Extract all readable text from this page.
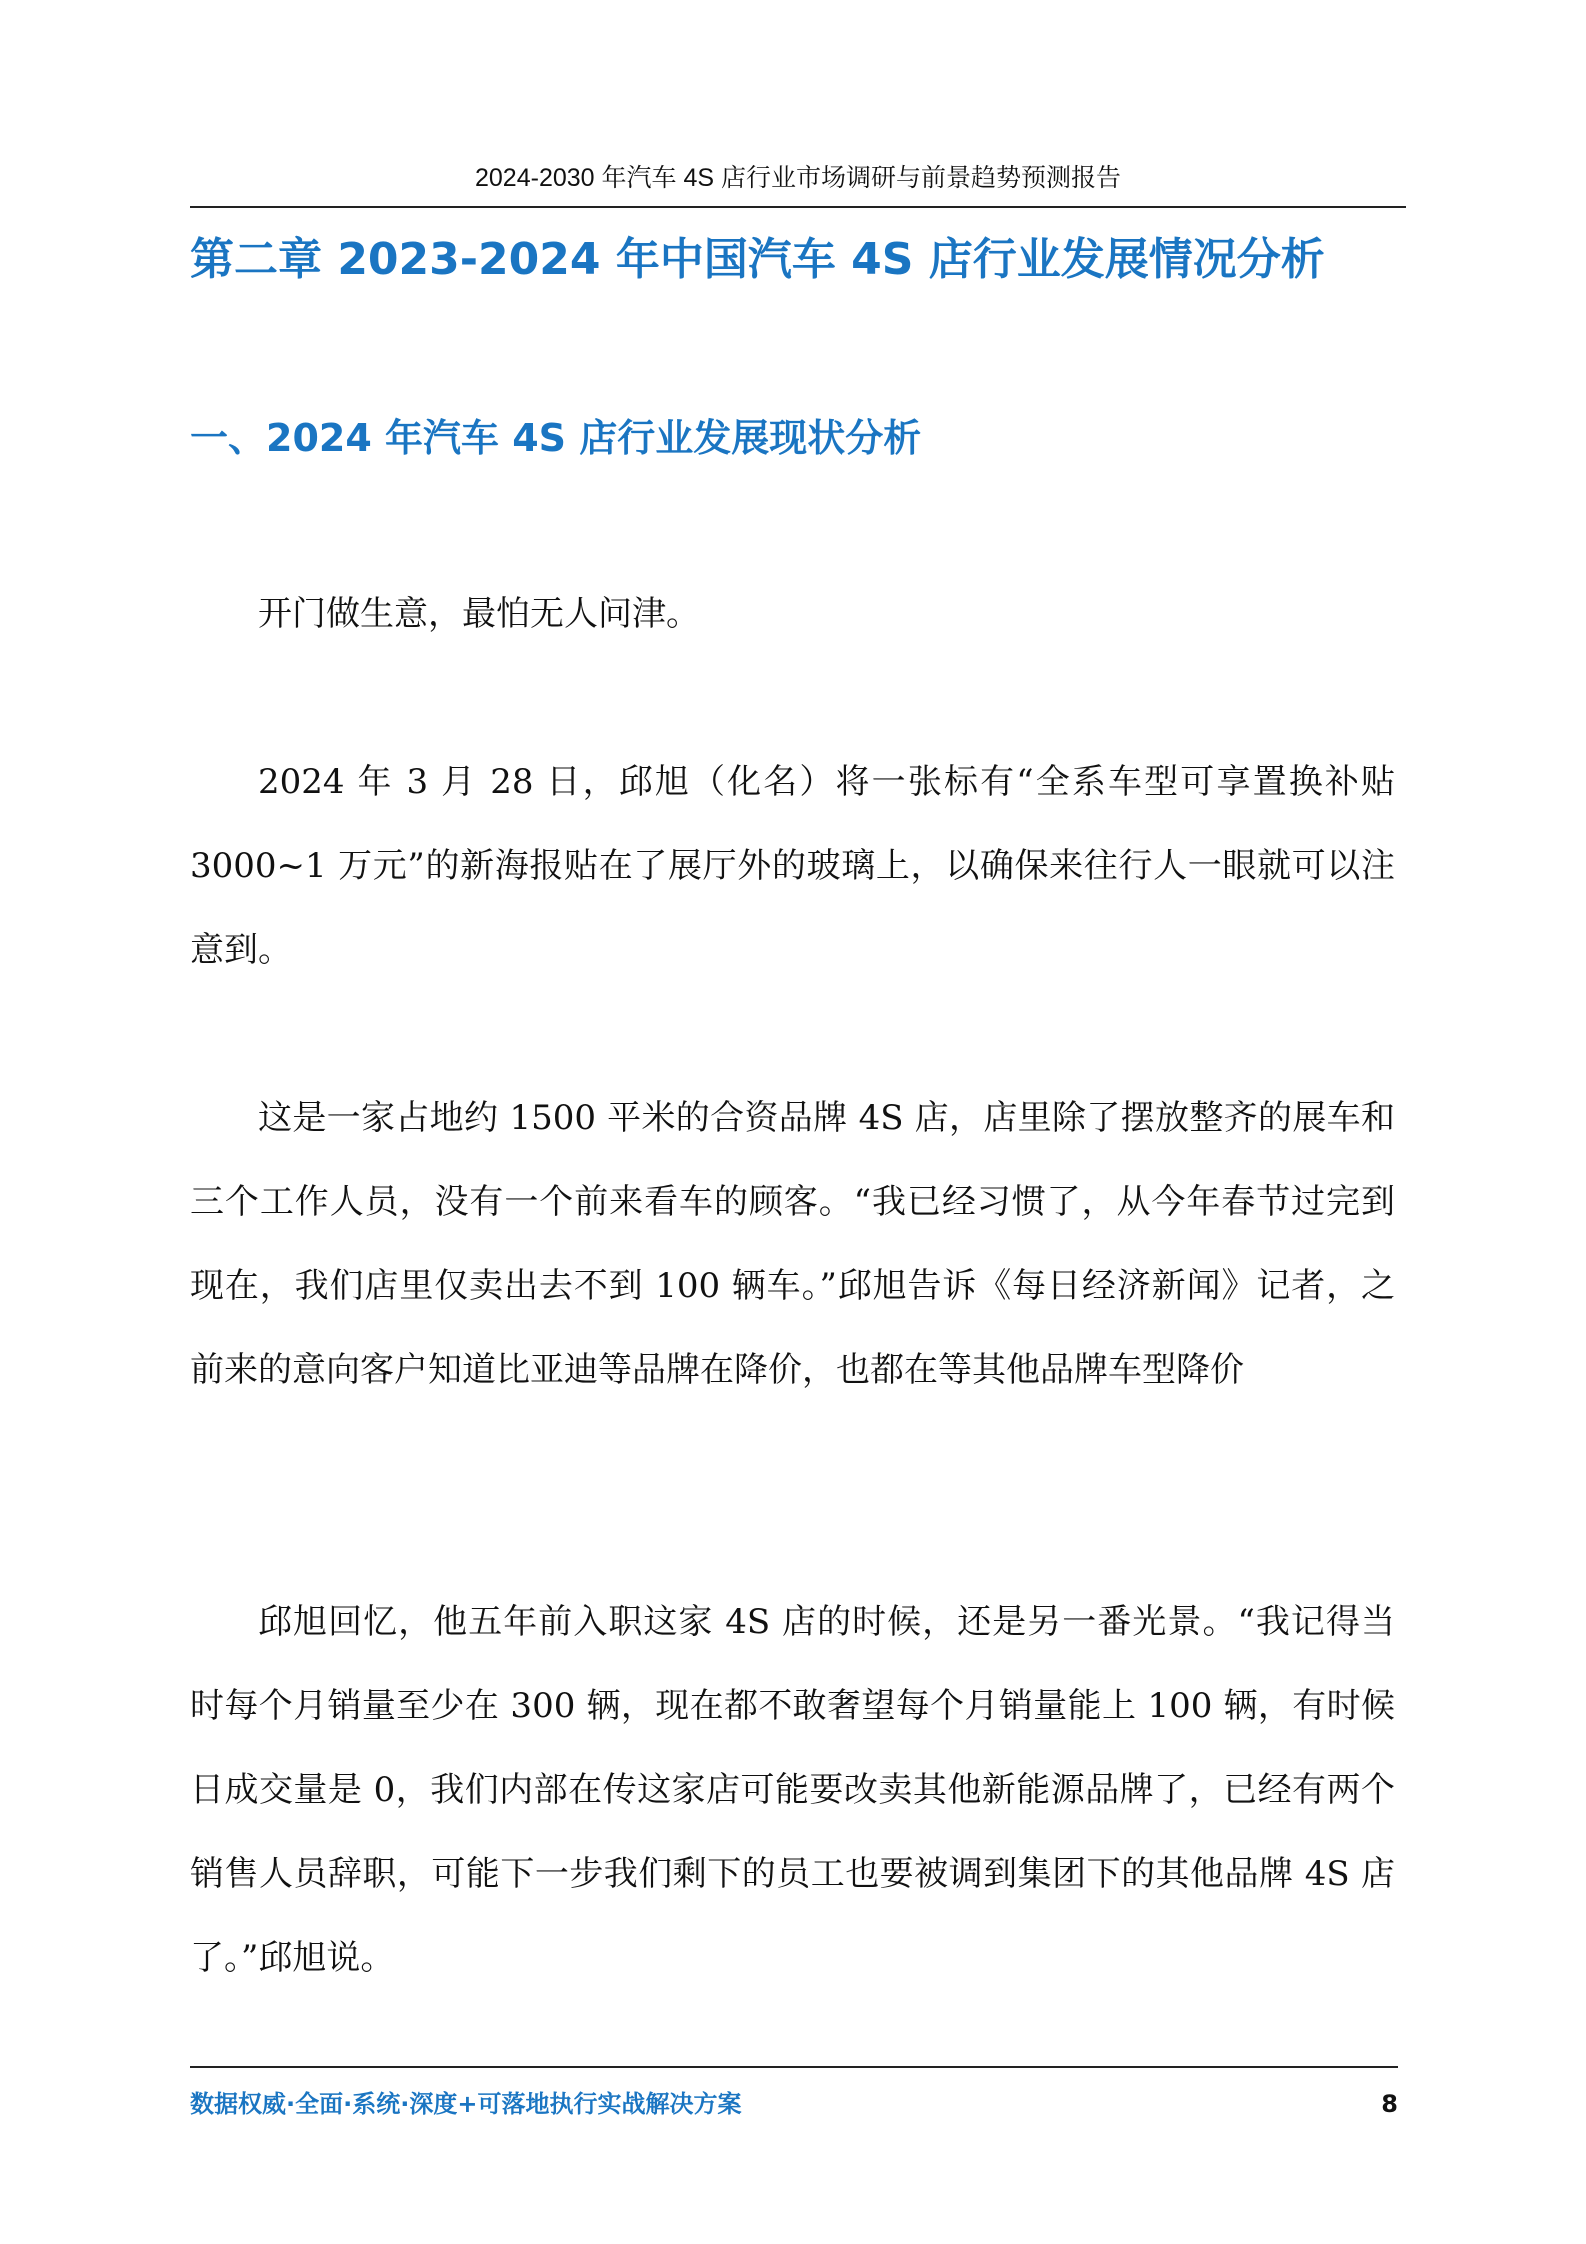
2024-2030 年汽车 4S 店行业市场调研与前景趋势预测报告
第二章 2023-2024 年中国汽车 4S 店行业发展情况分析
一、2024 年汽车 4S 店行业发展现状分析

开门做生意，最怕无人问津。

2024 年 3 月 28 日，邱旭（化名）将一张标有“全系车型可享置换补贴 3000~1 万元”的新海报贴在了展厅外的玻璃上，以确保来往行人一眼就可以注意到。

这是一家占地约 1500 平米的合资品牌 4S 店，店里除了摆放整齐的展车和三个工作人员，没有一个前来看车的顾客。“我已经习惯了，从今年春节过完到现在，我们店里仅卖出去不到 100 辆车。”邱旭告诉《每日经济新闻》记者，之前来的意向客户知道比亚迪等品牌在降价，也都在等其他品牌车型降价

邱旭回忆，他五年前入职这家 4S 店的时候，还是另一番光景。“我记得当时每个月销量至少在 300 辆，现在都不敢奢望每个月销量能上 100 辆，有时候日成交量是 0，我们内部在传这家店可能要改卖其他新能源品牌了，已经有两个销售人员辞职，可能下一步我们剩下的员工也要被调到集团下的其他品牌 4S 店了。”邱旭说。

数据权威·全面·系统·深度+可落地执行实战解决方案	8
